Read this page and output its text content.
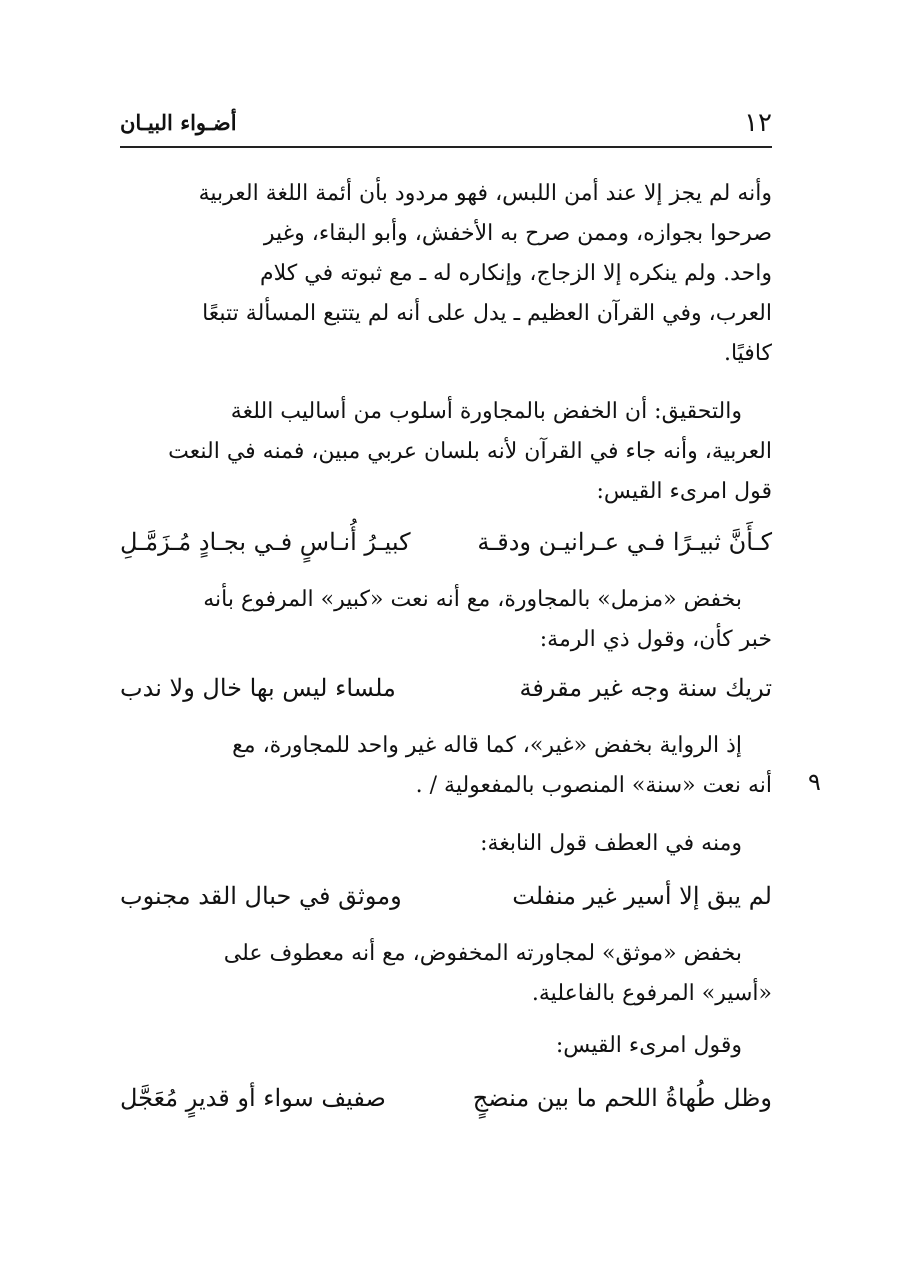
١٢
أضـواء البيـان

وأنه لم يجز إلا عند أمن اللبس، فهو مردود بأن أئمة اللغة العربية

صرحوا بجوازه، وممن صرح به الأخفش، وأبو البقاء، وغير

واحد. ولم ينكره إلا الزجاج، وإنكاره له ـ مع ثبوته في كلام

العرب، وفي القرآن العظيم ـ يدل على أنه لم يتتبع المسألة تتبعًا

كافيًا.

والتحقيق: أن الخفض بالمجاورة أسلوب من أساليب اللغة

العربية، وأنه جاء في القرآن لأنه بلسان عربي مبين، فمنه في النعت

قول امرىء القيس:

كـأَنَّ ثبيـرًا فـي عـرانيـن ودقـة
كبيـرُ أُنـاسٍ فـي بجـادٍ مُـزَمَّـلِ

بخفض «مزمل» بالمجاورة، مع أنه نعت «كبير» المرفوع بأنه

خبر كأن، وقول ذي الرمة:

تريك سنة وجه غير مقرفة
ملساء ليس بها خال ولا ندب

إذ الرواية بخفض «غير»، كما قاله غير واحد للمجاورة، مع

أنه نعت «سنة» المنصوب بالمفعولية / . ٩

ومنه في العطف قول النابغة:

لم يبق إلا أسير غير منفلت
وموثق في حبال القد مجنوب

بخفض «موثق» لمجاورته المخفوض، مع أنه معطوف على

«أسير» المرفوع بالفاعلية.

وقول امرىء القيس:

وظل طُهاةُ اللحم ما بين منضجٍ
صفيف سواء أو قديرٍ مُعَجَّل
